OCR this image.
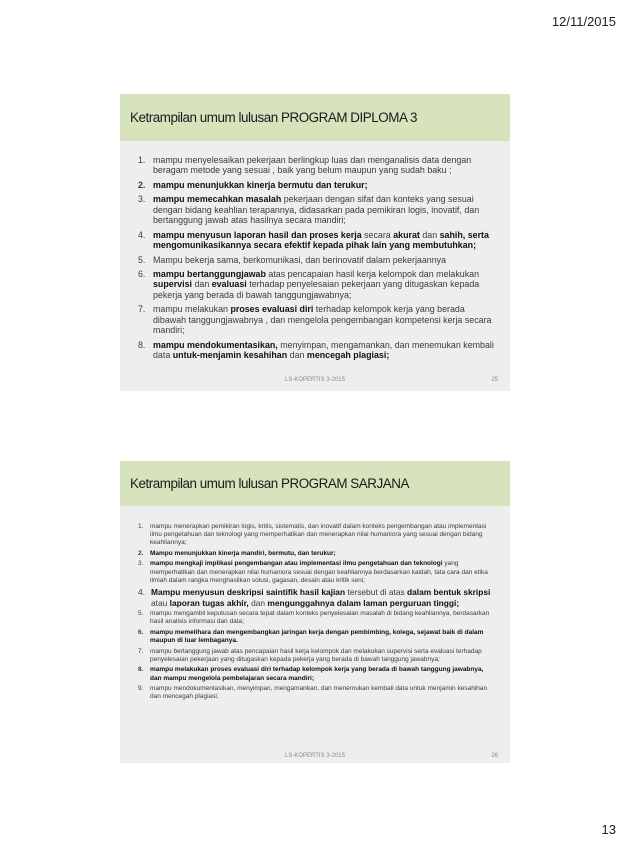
12/11/2015
Ketrampilan umum lulusan PROGRAM DIPLOMA 3
1. mampu menyelesaikan pekerjaan berlingkup luas dan menganalisis data dengan beragam metode yang sesuai , baik yang belum maupun yang sudah baku ;
2. mampu menunjukkan kinerja bermutu dan terukur;
3. mampu memecahkan masalah pekerjaan dengan sifat dan konteks yang sesuai dengan bidang keahlian terapannya, didasarkan pada pemikiran logis, inovatif, dan bertanggung jawab atas hasilnya secara mandiri;
4. mampu menyusun laporan hasil dan proses kerja secara akurat dan sahih, serta mengomunikasikannya secara efektif kepada pihak lain yang membutuhkan;
5. Mampu bekerja sama, berkomunikasi, dan berinovatif dalam pekerjaannya
6. mampu bertanggungjawab atas pencapaian hasil kerja kelompok dan melakukan supervisi dan evaluasi terhadap penyelesaian pekerjaan yang ditugaskan kepada pekerja yang berada di bawah tanggungjawabnya;
7. mampu melakukan proses evaluasi diri terhadap kelompok kerja yang berada dibawah tanggungjawabnya , dan mengelola pengembangan kompetensi kerja secara mandiri;
8. mampu mendokumentasikan, menyimpan, mengamankan, dan menemukan kembali data untuk-menjamin kesahihan dan mencegah plagiasi;
LS-KOPERTIS 3-2015	25
Ketrampilan umum lulusan PROGRAM SARJANA
1.	mampu menerapkan pemikiran logis, kritis, sistematis, dan inovatif dalam konteks pengembangan atau implementasi ilmu pengetahuan dan teknologi yang memperhatikan dan menerapkan nilai humaniora yang sesuai dengan bidang keahliannya;
2.	Mampu menunjukkan kinerja mandiri, bermutu, dan terukur;
3.	mampu mengkaji implikasi pengembangan atau implementasi ilmu pengetahuan dan teknologi yang memperhatikan dan menerapkan nilai humaniora sesuai dengan keahliannya berdasarkan kaidah, tata cara dan etika ilmiah dalam rangka menghasilkan solusi, gagasan, desain atau kritik seni;
4. Mampu menyusun deskripsi saintifik hasil kajian tersebut di atas dalam bentuk skripsi atau laporan tugas akhir, dan mengunggahnya dalam laman perguruan tinggi;
5.	mampu mengambil keputusan secara tepat dalam konteks penyelesaian masalah di bidang keahliannya, berdasarkan hasil analisis informasi dan data;
6.	mampu memelihara dan mengembangkan jaringan kerja dengan pembimbing, kolega, sejawat baik di dalam maupun di luar lembaganya.
7.	mampu bertanggung jawab atas pencapaian hasil kerja kelompok dan melakukan supervisi serta evaluasi terhadap penyelesaian pekerjaan yang ditugaskan kepada pekerja yang berada di bawah tanggung jawabnya;
8.	mampu melakukan proses evaluasi diri terhadap kelompok kerja yang berada di bawah tanggung jawabnya, dan mampu mengelola pembelajaran secara mandiri;
9.	mampu mendokumentasikan, menyimpan, mengamankan, dan menemukan kembali data untuk menjamin kesahihan dan mencegah plagiasi;
LS-KOPERTIS 3-2015	26
13
